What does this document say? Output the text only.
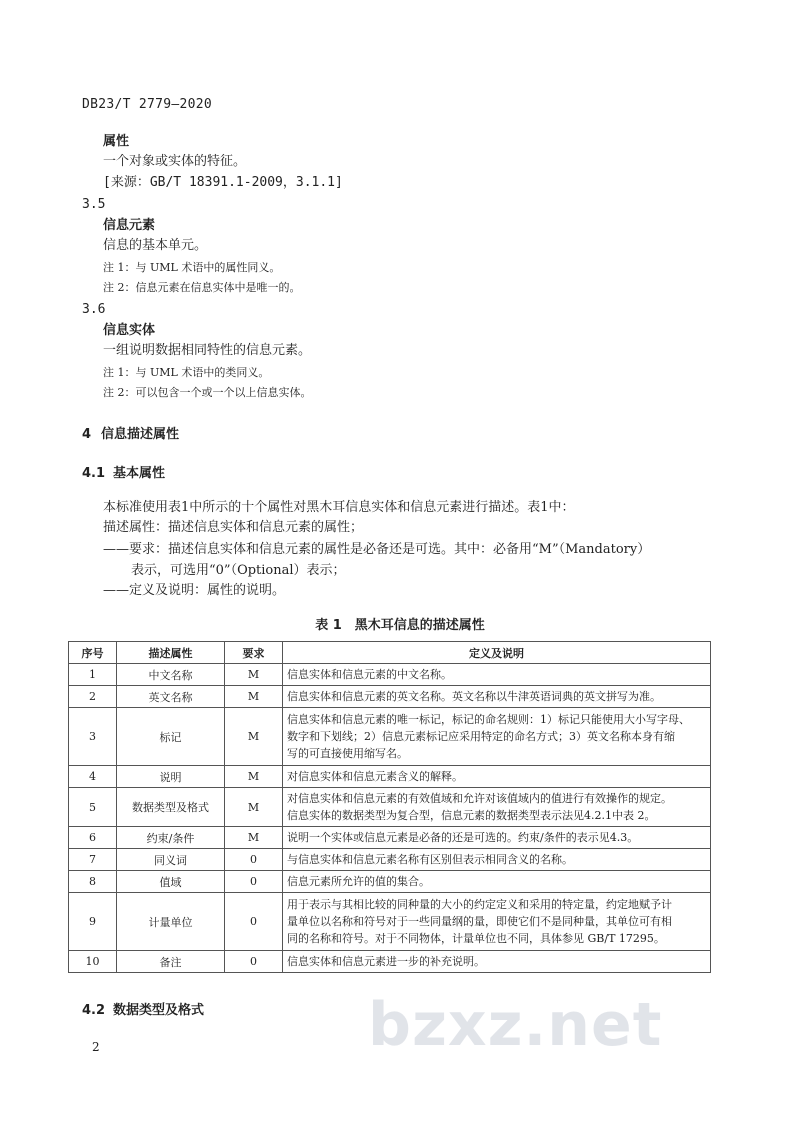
DB23/T 2779—2020
属性
一个对象或实体的特征。
[来源：GB/T 18391.1-2009，3.1.1]
3.5
信息元素
信息的基本单元。
注 1：与 UML 术语中的属性同义。
注 2：信息元素在信息实体中是唯一的。
3.6
信息实体
一组说明数据相同特性的信息元素。
注 1：与 UML 术语中的类同义。
注 2：可以包含一个或一个以上信息实体。
4 信息描述属性
4.1 基本属性
本标准使用表1中所示的十个属性对黑木耳信息实体和信息元素进行描述。表1中：
描述属性：描述信息实体和信息元素的属性；
——要求：描述信息实体和信息元素的属性是必备还是可选。其中：必备用“M”（Mandatory）
表示，可选用“0”（Optional）表示；
——定义及说明：属性的说明。
表 1　黑木耳信息的描述属性
序号	描述属性	要求	定义及说明
1	中文名称	M	信息实体和信息元素的中文名称。

2	英文名称	M	信息实体和信息元素的英文名称。英文名称以牛津英语词典的英文拼写为准。

3	标记	M	信息实体和信息元素的唯一标记，标记的命名规则：1）标记只能使用大小写字母、
数字和下划线；2）信息元素标记应采用特定的命名方式；3）英文名称本身有缩
写的可直接使用缩写名。

4	说明	M	对信息实体和信息元素含义的解释。

5	数据类型及格式	M	对信息实体和信息元素的有效值域和允许对该值域内的值进行有效操作的规定。
信息实体的数据类型为复合型，信息元素的数据类型表示法见4.2.1中表 2。

6	约束/条件	M	说明一个实体或信息元素是必备的还是可选的。约束/条件的表示见4.3。

7	同义词	0	与信息实体和信息元素名称有区别但表示相同含义的名称。

8	值域	0	信息元素所允许的值的集合。

9	计量单位	0	用于表示与其相比较的同种量的大小的约定定义和采用的特定量，约定地赋予计
量单位以名称和符号对于一些同量纲的量，即使它们不是同种量，其单位可有相
同的名称和符号。对于不同物体，计量单位也不同，具体参见 GB/T 17295。

10	备注	0	信息实体和信息元素进一步的补充说明。
4.2 数据类型及格式
2	bzxz.net
